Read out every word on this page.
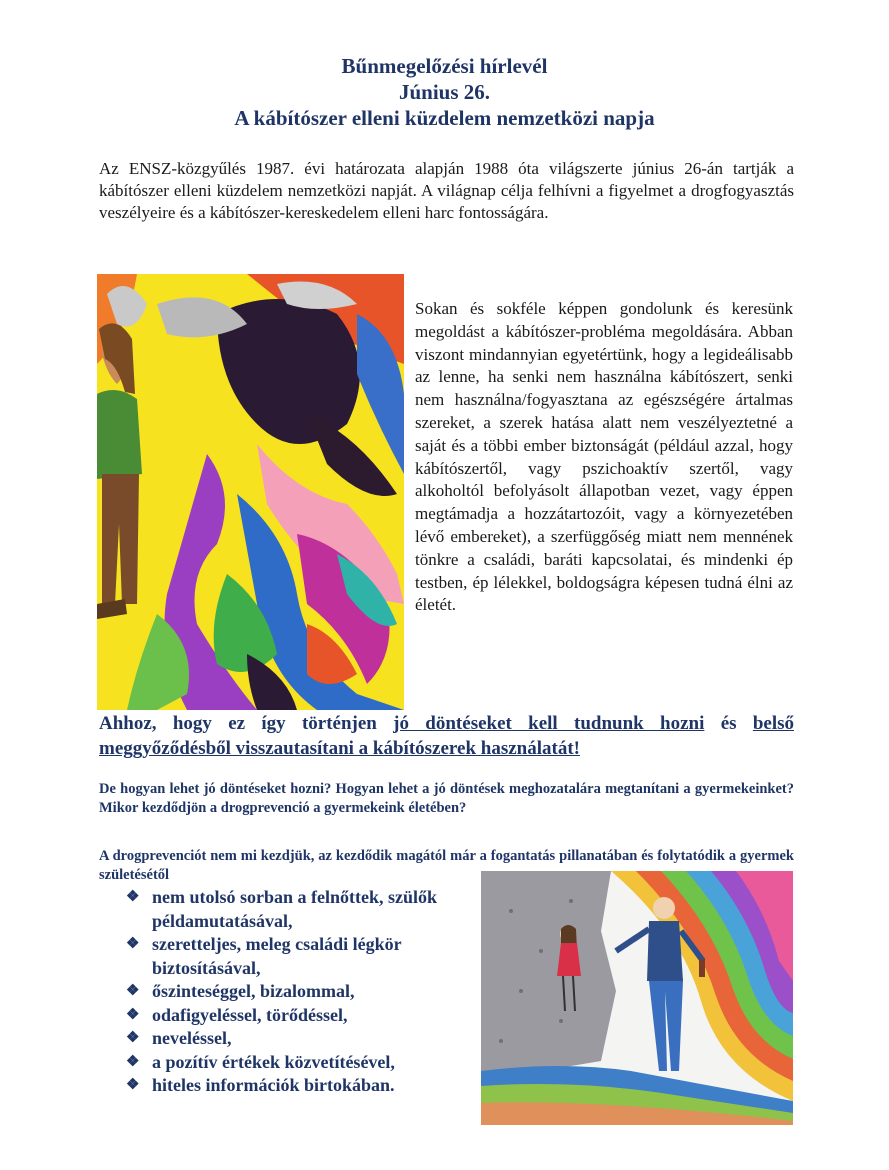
Bűnmegelőzési hírlevél
Június 26.
A kábítószer elleni küzdelem nemzetközi napja
Az ENSZ-közgyűlés 1987. évi határozata alapján 1988 óta világszerte június 26-án tartják a kábítószer elleni küzdelem nemzetközi napját. A világnap célja felhívni a figyelmet a drogfogyasztás veszélyeire és a kábítószer-kereskedelem elleni harc fontosságára.
Sokan és sokféle képpen gondolunk és keresünk megoldást a kábítószer-probléma megoldására. Abban viszont mindannyian egyetértünk, hogy a legideálisabb az lenne, ha senki nem használna kábítószert, senki nem használna/fogyasztana az egészségére ártalmas szereket, a szerek hatása alatt nem veszélyeztetné a saját és a többi ember biztonságát (például azzal, hogy kábítószertől, vagy pszichoaktív szertől, vagy alkoholtól befolyásolt állapotban vezet, vagy éppen megtámadja a hozzátartozóit, vagy a környezetében lévő embereket), a szerfüggőség miatt nem mennének tönkre a családi, baráti kapcsolatai, és mindenki ép testben, ép lélekkel, boldogságra képesen tudná élni az életét.
Ahhoz, hogy ez így történjen jó döntéseket kell tudnunk hozni és belső meggyőződésből visszautasítani a kábítószerek használatát!
De hogyan lehet jó döntéseket hozni? Hogyan lehet a jó döntések meghozatalára megtanítani a gyermekeinket? Mikor kezdődjön a drogprevenció a gyermekeink életében?
A drogprevenciót nem mi kezdjük, az kezdődik magától már a fogantatás pillanatában és folytatódik a gyermek születésétől
❖ nem utolsó sorban a felnőttek, szülők példamutatásával,
❖ szeretteljes, meleg családi légkör biztosításával,
❖ őszinteséggel, bizalommal,
❖ odafigyeléssel, törődéssel,
❖ neveléssel,
❖ a pozítív értékek közvetítésével,
❖ hiteles információk birtokában.
